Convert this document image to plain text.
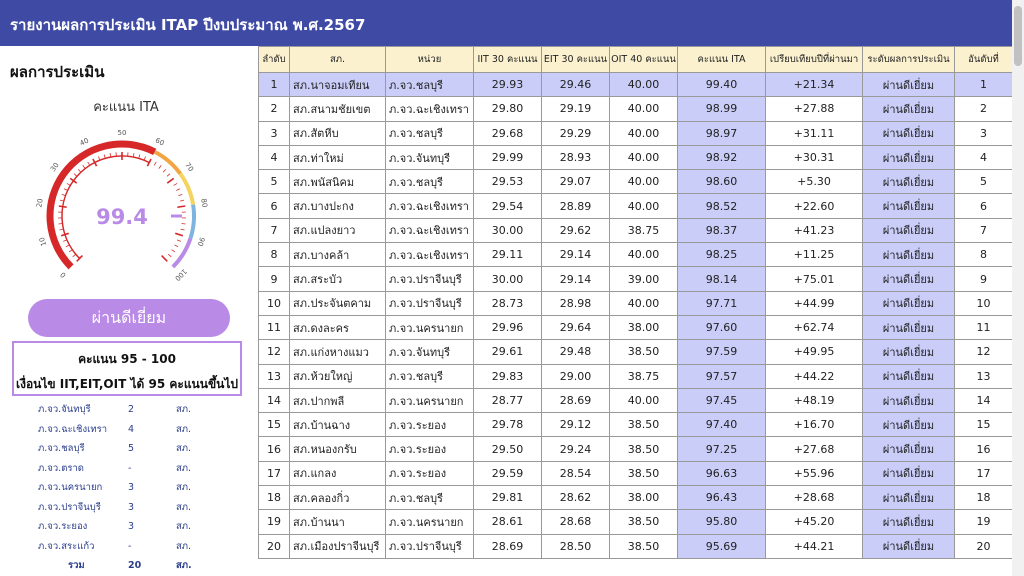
รายงานผลการประเมิน ITAP ปีงบประมาณ พ.ศ.2567
ผลการประเมิน
คะแนน ITA
0
10
20
30
40
50
60
70
80
90
100
99.4
ผ่านดีเยี่ยม
คะแนน 95 - 100
เงื่อนไข IIT,EIT,OIT ได้ 95 คะแนนขึ้นไป
ภ.จว.จันทบุรี	2	สภ.
ภ.จว.ฉะเชิงเทรา	4	สภ.
ภ.จว.ชลบุรี	5	สภ.
ภ.จว.ตราด	-	สภ.
ภ.จว.นครนายก	3	สภ.
ภ.จว.ปราจีนบุรี	3	สภ.
ภ.จว.ระยอง	3	สภ.
ภ.จว.สระแก้ว	-	สภ.
รวม	20	สภ.
ลำดับ	สภ.	หน่วย	IIT 30 คะแนน	EIT 30 คะแนน	OIT 40 คะแนน	คะแนน ITA	เปรียบเทียบปีที่ผ่านมา	ระดับผลการประเมิน	อันดับที่
1	สภ.นาจอมเทียน	ภ.จว.ชลบุรี	29.93	29.46	40.00	99.40	+21.34	ผ่านดีเยี่ยม	1
2	สภ.สนามชัยเขต	ภ.จว.ฉะเชิงเทรา	29.80	29.19	40.00	98.99	+27.88	ผ่านดีเยี่ยม	2
3	สภ.สัตหีบ	ภ.จว.ชลบุรี	29.68	29.29	40.00	98.97	+31.11	ผ่านดีเยี่ยม	3
4	สภ.ท่าใหม่	ภ.จว.จันทบุรี	29.99	28.93	40.00	98.92	+30.31	ผ่านดีเยี่ยม	4
5	สภ.พนัสนิคม	ภ.จว.ชลบุรี	29.53	29.07	40.00	98.60	+5.30	ผ่านดีเยี่ยม	5
6	สภ.บางปะกง	ภ.จว.ฉะเชิงเทรา	29.54	28.89	40.00	98.52	+22.60	ผ่านดีเยี่ยม	6
7	สภ.แปลงยาว	ภ.จว.ฉะเชิงเทรา	30.00	29.62	38.75	98.37	+41.23	ผ่านดีเยี่ยม	7
8	สภ.บางคล้า	ภ.จว.ฉะเชิงเทรา	29.11	29.14	40.00	98.25	+11.25	ผ่านดีเยี่ยม	8
9	สภ.สระบัว	ภ.จว.ปราจีนบุรี	30.00	29.14	39.00	98.14	+75.01	ผ่านดีเยี่ยม	9
10	สภ.ประจันตคาม	ภ.จว.ปราจีนบุรี	28.73	28.98	40.00	97.71	+44.99	ผ่านดีเยี่ยม	10
11	สภ.ดงละคร	ภ.จว.นครนายก	29.96	29.64	38.00	97.60	+62.74	ผ่านดีเยี่ยม	11
12	สภ.แก่งหางแมว	ภ.จว.จันทบุรี	29.61	29.48	38.50	97.59	+49.95	ผ่านดีเยี่ยม	12
13	สภ.ห้วยใหญ่	ภ.จว.ชลบุรี	29.83	29.00	38.75	97.57	+44.22	ผ่านดีเยี่ยม	13
14	สภ.ปากพลี	ภ.จว.นครนายก	28.77	28.69	40.00	97.45	+48.19	ผ่านดีเยี่ยม	14
15	สภ.บ้านฉาง	ภ.จว.ระยอง	29.78	29.12	38.50	97.40	+16.70	ผ่านดีเยี่ยม	15
16	สภ.หนองกรับ	ภ.จว.ระยอง	29.50	29.24	38.50	97.25	+27.68	ผ่านดีเยี่ยม	16
17	สภ.แกลง	ภ.จว.ระยอง	29.59	28.54	38.50	96.63	+55.96	ผ่านดีเยี่ยม	17
18	สภ.คลองกิ่ว	ภ.จว.ชลบุรี	29.81	28.62	38.00	96.43	+28.68	ผ่านดีเยี่ยม	18
19	สภ.บ้านนา	ภ.จว.นครนายก	28.61	28.68	38.50	95.80	+45.20	ผ่านดีเยี่ยม	19
20	สภ.เมืองปราจีนบุรี	ภ.จว.ปราจีนบุรี	28.69	28.50	38.50	95.69	+44.21	ผ่านดีเยี่ยม	20
